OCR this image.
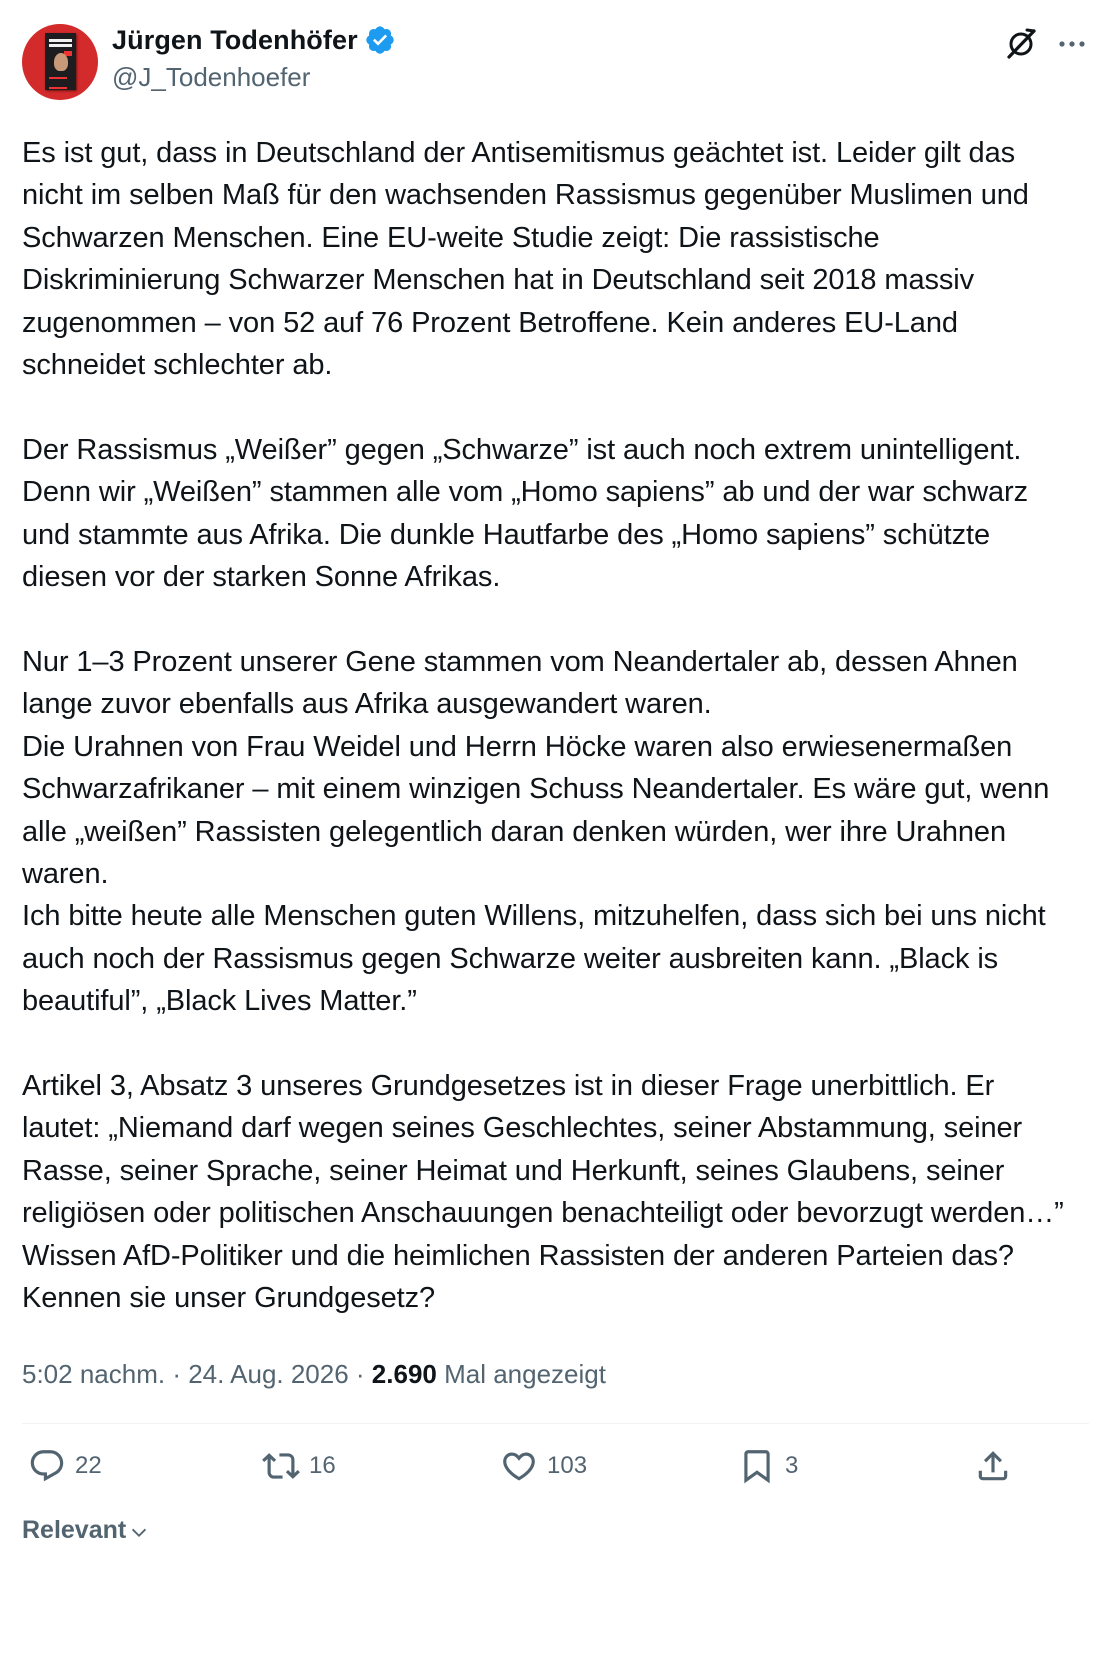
Jürgen Todenhöfer
@J_Todenhoefer
Es ist gut, dass in Deutschland der Antisemitismus geächtet ist. Leider gilt das nicht im selben Maß für den wachsenden Rassismus gegenüber Muslimen und Schwarzen Menschen. Eine EU-weite Studie zeigt: Die rassistische Diskriminierung Schwarzer Menschen hat in Deutschland seit 2018 massiv zugenommen – von 52 auf 76 Prozent Betroffene. Kein anderes EU-Land schneidet schlechter ab.

Der Rassismus „Weißer” gegen „Schwarze” ist auch noch extrem unintelligent. Denn wir „Weißen” stammen alle vom „Homo sapiens” ab und der war schwarz und stammte aus Afrika. Die dunkle Hautfarbe des „Homo sapiens” schützte diesen vor der starken Sonne Afrikas.

Nur 1–3 Prozent unserer Gene stammen vom Neandertaler ab, dessen Ahnen lange zuvor ebenfalls aus Afrika ausgewandert waren.
Die Urahnen von Frau Weidel und Herrn Höcke waren also erwiesenermaßen Schwarzafrikaner – mit einem winzigen Schuss Neandertaler. Es wäre gut, wenn alle „weißen” Rassisten gelegentlich daran denken würden, wer ihre Urahnen waren.
Ich bitte heute alle Menschen guten Willens, mitzuhelfen, dass sich bei uns nicht auch noch der Rassismus gegen Schwarze weiter ausbreiten kann. „Black is beautiful”, „Black Lives Matter.”

Artikel 3, Absatz 3 unseres Grundgesetzes ist in dieser Frage unerbittlich. Er lautet: „Niemand darf wegen seines Geschlechtes, seiner Abstammung, seiner Rasse, seiner Sprache, seiner Heimat und Herkunft, seines Glaubens, seiner religiösen oder politischen Anschauungen benachteiligt oder bevorzugt werden…” Wissen AfD-Politiker und die heimlichen Rassisten der anderen Parteien das? Kennen sie unser Grundgesetz?
5:02 nachm. · 24. Aug. 2026 · 2.690 Mal angezeigt
22	16	103	3
Relevant
